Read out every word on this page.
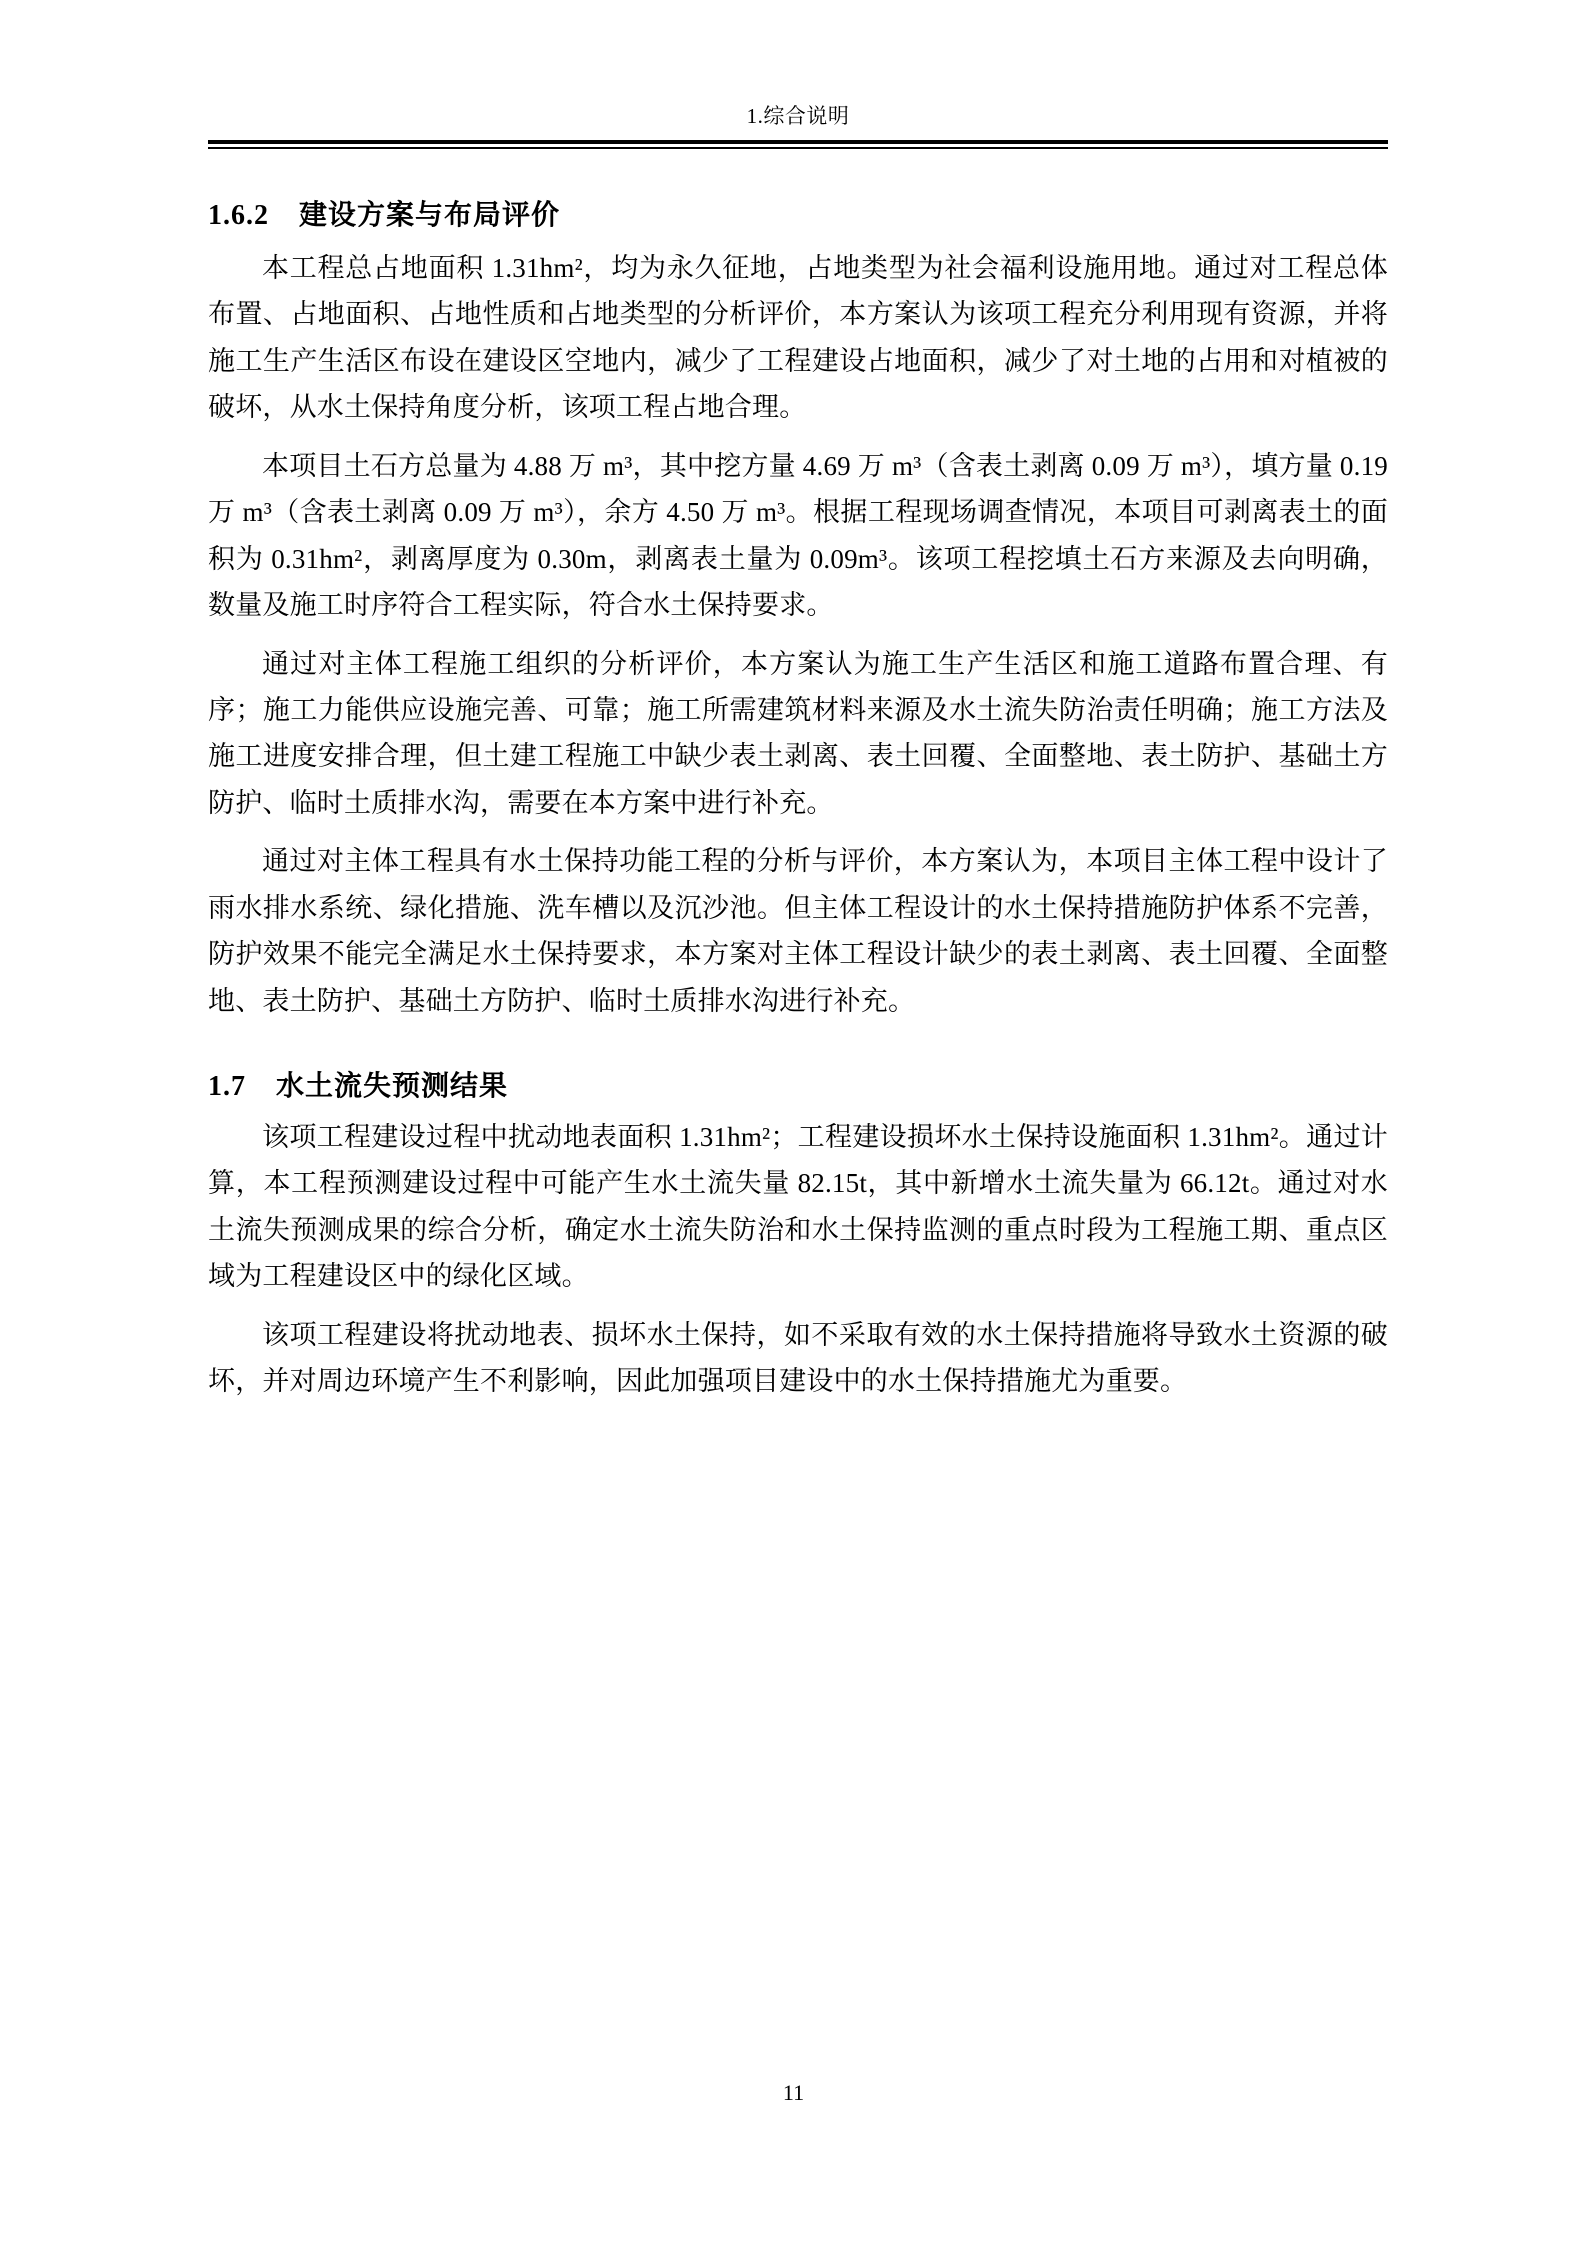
1.综合说明
1.6.2 建设方案与布局评价

本工程总占地面积 1.31hm²，均为永久征地，占地类型为社会福利设施用地。通过对工程总体布置、占地面积、占地性质和占地类型的分析评价，本方案认为该项工程充分利用现有资源，并将施工生产生活区布设在建设区空地内，减少了工程建设占地面积，减少了对土地的占用和对植被的破坏，从水土保持角度分析，该项工程占地合理。

本项目土石方总量为 4.88 万 m³，其中挖方量 4.69 万 m³（含表土剥离 0.09 万 m³），填方量 0.19 万 m³（含表土剥离 0.09 万 m³），余方 4.50 万 m³。根据工程现场调查情况，本项目可剥离表土的面积为 0.31hm²，剥离厚度为 0.30m，剥离表土量为 0.09m³。该项工程挖填土石方来源及去向明确，数量及施工时序符合工程实际，符合水土保持要求。

通过对主体工程施工组织的分析评价，本方案认为施工生产生活区和施工道路布置合理、有序；施工力能供应设施完善、可靠；施工所需建筑材料来源及水土流失防治责任明确；施工方法及施工进度安排合理，但土建工程施工中缺少表土剥离、表土回覆、全面整地、表土防护、基础土方防护、临时土质排水沟，需要在本方案中进行补充。

通过对主体工程具有水土保持功能工程的分析与评价，本方案认为，本项目主体工程中设计了雨水排水系统、绿化措施、洗车槽以及沉沙池。但主体工程设计的水土保持措施防护体系不完善，防护效果不能完全满足水土保持要求，本方案对主体工程设计缺少的表土剥离、表土回覆、全面整地、表土防护、基础土方防护、临时土质排水沟进行补充。

1.7 水土流失预测结果

该项工程建设过程中扰动地表面积 1.31hm²；工程建设损坏水土保持设施面积 1.31hm²。通过计算，本工程预测建设过程中可能产生水土流失量 82.15t，其中新增水土流失量为 66.12t。通过对水土流失预测成果的综合分析，确定水土流失防治和水土保持监测的重点时段为工程施工期、重点区域为工程建设区中的绿化区域。

该项工程建设将扰动地表、损坏水土保持，如不采取有效的水土保持措施将导致水土资源的破坏，并对周边环境产生不利影响，因此加强项目建设中的水土保持措施尤为重要。

11
